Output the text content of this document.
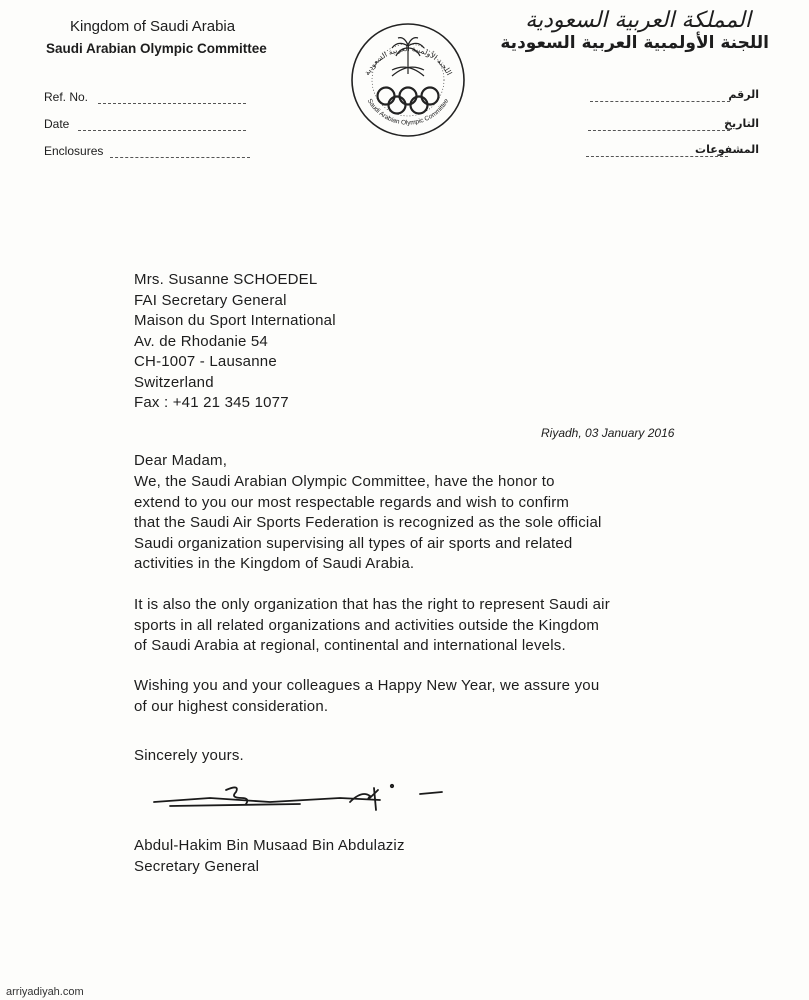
Kingdom of Saudi Arabia
Saudi Arabian Olympic Committee
المملكة العربية السعودية
اللجنة الأولمبية العربية السعودية
اللجنة الأولمبية العربية السعودية
Saudi Arabian Olympic Committee
Ref. No.
Date
Enclosures
الرقم
التاريخ
المشفوعات
Mrs. Susanne SCHOEDEL
FAI Secretary General
Maison du Sport International
Av. de Rhodanie 54
CH-1007 - Lausanne
Switzerland
Fax : +41 21 345 1077
Riyadh, 03 January 2016
Dear Madam,
We, the Saudi Arabian Olympic Committee, have the honor to
extend to you our most respectable regards and wish to confirm
that the Saudi Air Sports Federation is recognized as the sole official
Saudi organization supervising all types of air sports and related
activities in the Kingdom of Saudi Arabia.
It is also the only organization that has the right to represent Saudi air
sports in all related organizations and activities outside the Kingdom
of Saudi Arabia at regional, continental and international levels.
Wishing you and your colleagues a Happy New Year, we assure you
of our highest consideration.
Sincerely yours.
Abdul-Hakim Bin Musaad Bin Abdulaziz
Secretary General
arriyadiyah.com
